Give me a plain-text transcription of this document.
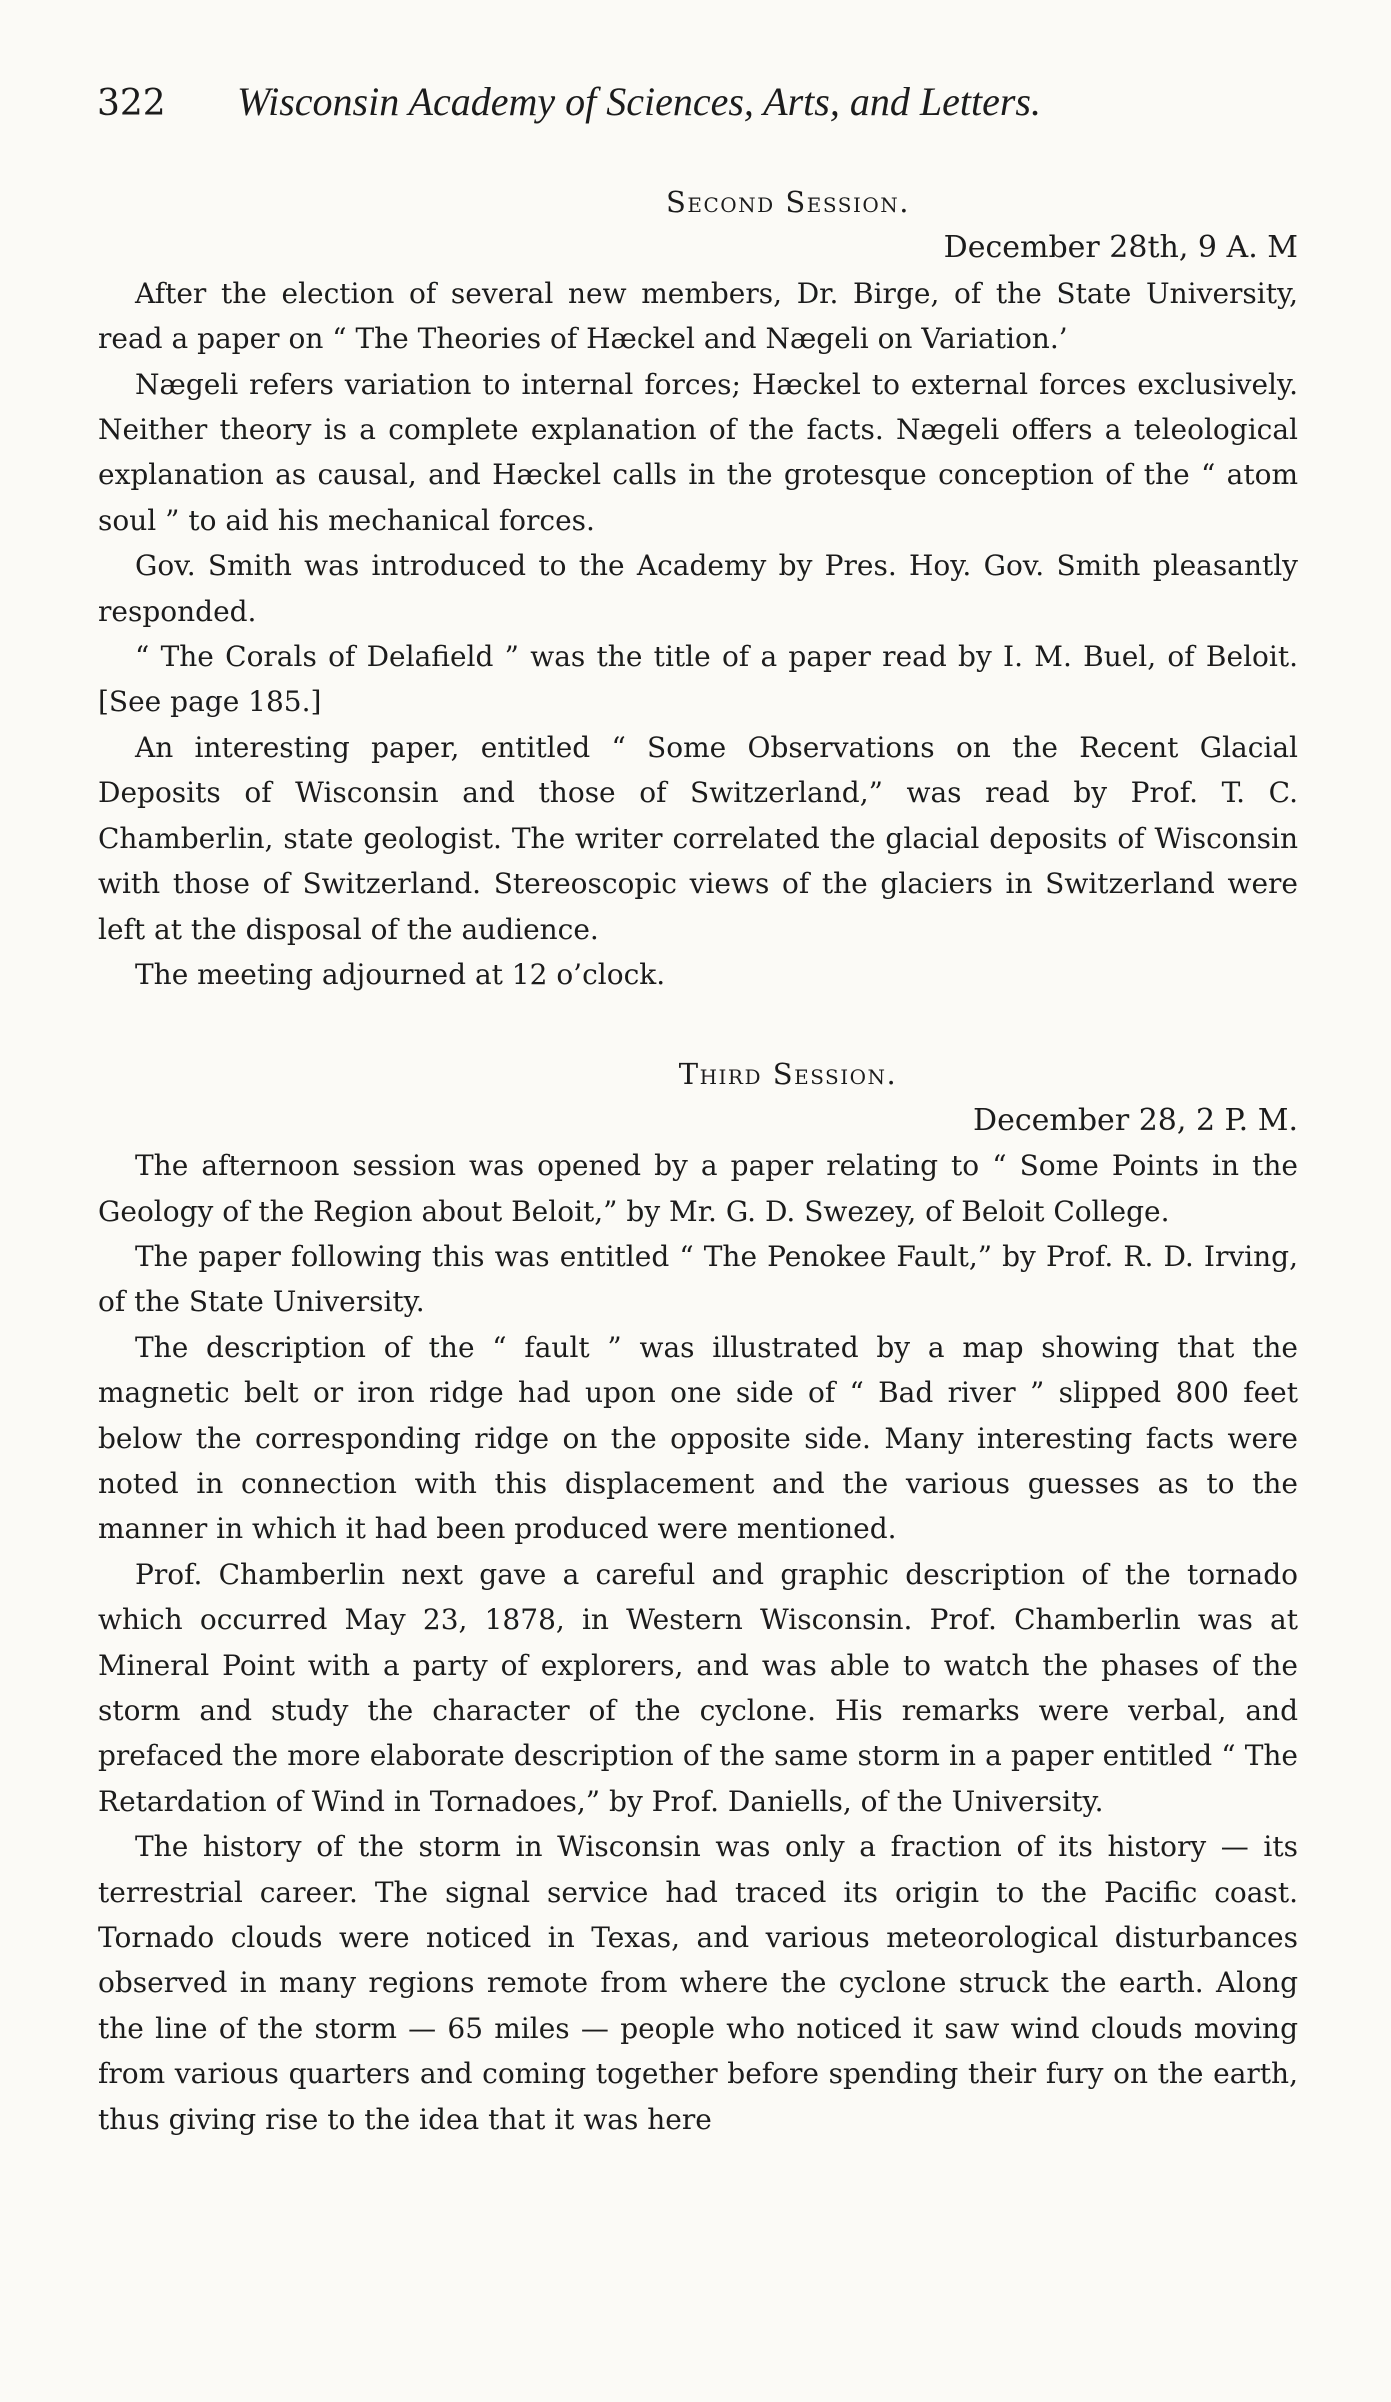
322 Wisconsin Academy of Sciences, Arts, and Letters.
Second Session.
December 28th, 9 A. M

After the election of several new members, Dr. Birge, of the State University, read a paper on “ The Theories of Hæckel and Nægeli on Variation.’

Nægeli refers variation to internal forces; Hæckel to external forces exclusively. Neither theory is a complete explanation of the facts. Nægeli offers a teleological explanation as causal, and Hæckel calls in the grotesque conception of the “ atom soul ” to aid his mechanical forces.

Gov. Smith was introduced to the Academy by Pres. Hoy. Gov. Smith pleasantly responded.

“ The Corals of Delafield ” was the title of a paper read by I. M. Buel, of Beloit. [See page 185.]

An interesting paper, entitled “ Some Observations on the Recent Glacial Deposits of Wisconsin and those of Switzerland,” was read by Prof. T. C. Chamberlin, state geologist. The writer correlated the glacial deposits of Wisconsin with those of Switzerland. Stereoscopic views of the glaciers in Switzerland were left at the disposal of the audience.

The meeting adjourned at 12 o’clock.

Third Session.
December 28, 2 P. M.

The afternoon session was opened by a paper relating to “ Some Points in the Geology of the Region about Beloit,” by Mr. G. D. Swezey, of Beloit College.

The paper following this was entitled “ The Penokee Fault,” by Prof. R. D. Irving, of the State University.

The description of the “ fault ” was illustrated by a map showing that the magnetic belt or iron ridge had upon one side of “ Bad river ” slipped 800 feet below the corresponding ridge on the opposite side. Many interesting facts were noted in connection with this displacement and the various guesses as to the manner in which it had been produced were mentioned.

Prof. Chamberlin next gave a careful and graphic description of the tornado which occurred May 23, 1878, in Western Wisconsin. Prof. Chamberlin was at Mineral Point with a party of explorers, and was able to watch the phases of the storm and study the character of the cyclone. His remarks were verbal, and prefaced the more elaborate description of the same storm in a paper entitled “ The Retardation of Wind in Tornadoes,” by Prof. Daniells, of the University.

The history of the storm in Wisconsin was only a fraction of its history — its terrestrial career. The signal service had traced its origin to the Pacific coast. Tornado clouds were noticed in Texas, and various meteorological disturbances observed in many regions remote from where the cyclone struck the earth. Along the line of the storm — 65 miles — people who noticed it saw wind clouds moving from various quarters and coming together before spending their fury on the earth, thus giving rise to the idea that it was here
